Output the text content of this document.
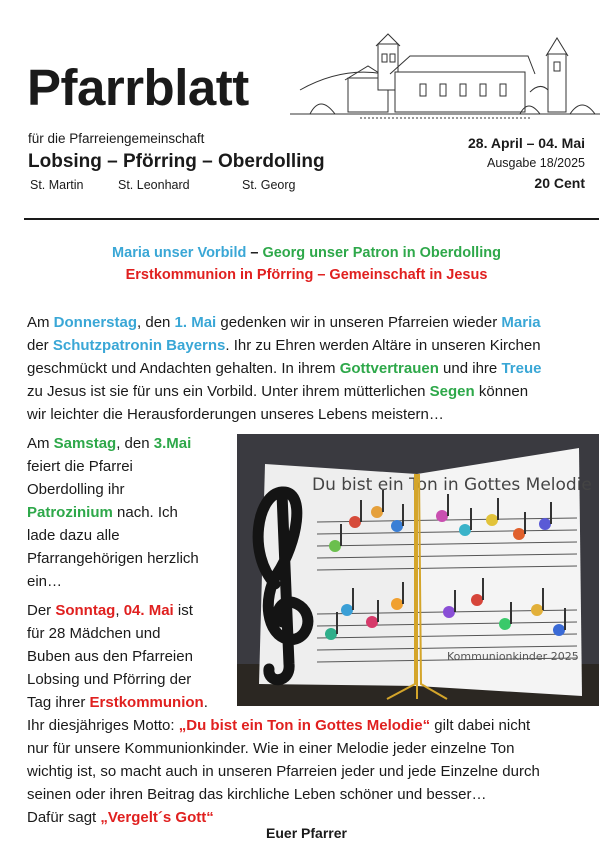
Pfarrblatt
für die Pfarreiengemeinschaft
Lobsing – Pförring – Oberdolling
St. Martin	St. Leonhard	St. Georg
28. April – 04. Mai
Ausgabe 18/2025
20 Cent
Maria unser Vorbild – Georg unser Patron in Oberdolling
Erstkommunion in Pförring – Gemeinschaft in Jesus
Am Donnerstag, den 1. Mai gedenken wir in unseren Pfarreien wieder Maria
der Schutzpatronin Bayerns. Ihr zu Ehren werden Altäre in unseren Kirchen
geschmückt und Andachten gehalten. In ihrem Gottvertrauen und ihre Treue
zu Jesus ist sie für uns ein Vorbild. Unter ihrem mütterlichen Segen können
wir leichter die Herausforderungen unseres Lebens meistern…
Am Samstag, den 3.Mai
feiert die Pfarrei
Oberdolling ihr
Patrozinium nach. Ich
lade dazu alle
Pfarrangehörigen herzlich
ein…
Du bist ein Ton in Gottes Melodie
Kommunionkinder 2025
Der Sonntag, 04. Mai ist
für 28 Mädchen und
Buben aus den Pfarreien
Lobsing und Pförring der
Tag ihrer Erstkommunion.
Ihr diesjähriges Motto: „Du bist ein Ton in Gottes Melodie“ gilt dabei nicht
nur für unsere Kommunionkinder. Wie in einer Melodie jeder einzelne Ton
wichtig ist, so macht auch in unseren Pfarreien jeder und jede Einzelne durch
seinen oder ihren Beitrag das kirchliche Leben schöner und besser…
Dafür sagt „Vergelt´s Gott“
Euer Pfarrer
